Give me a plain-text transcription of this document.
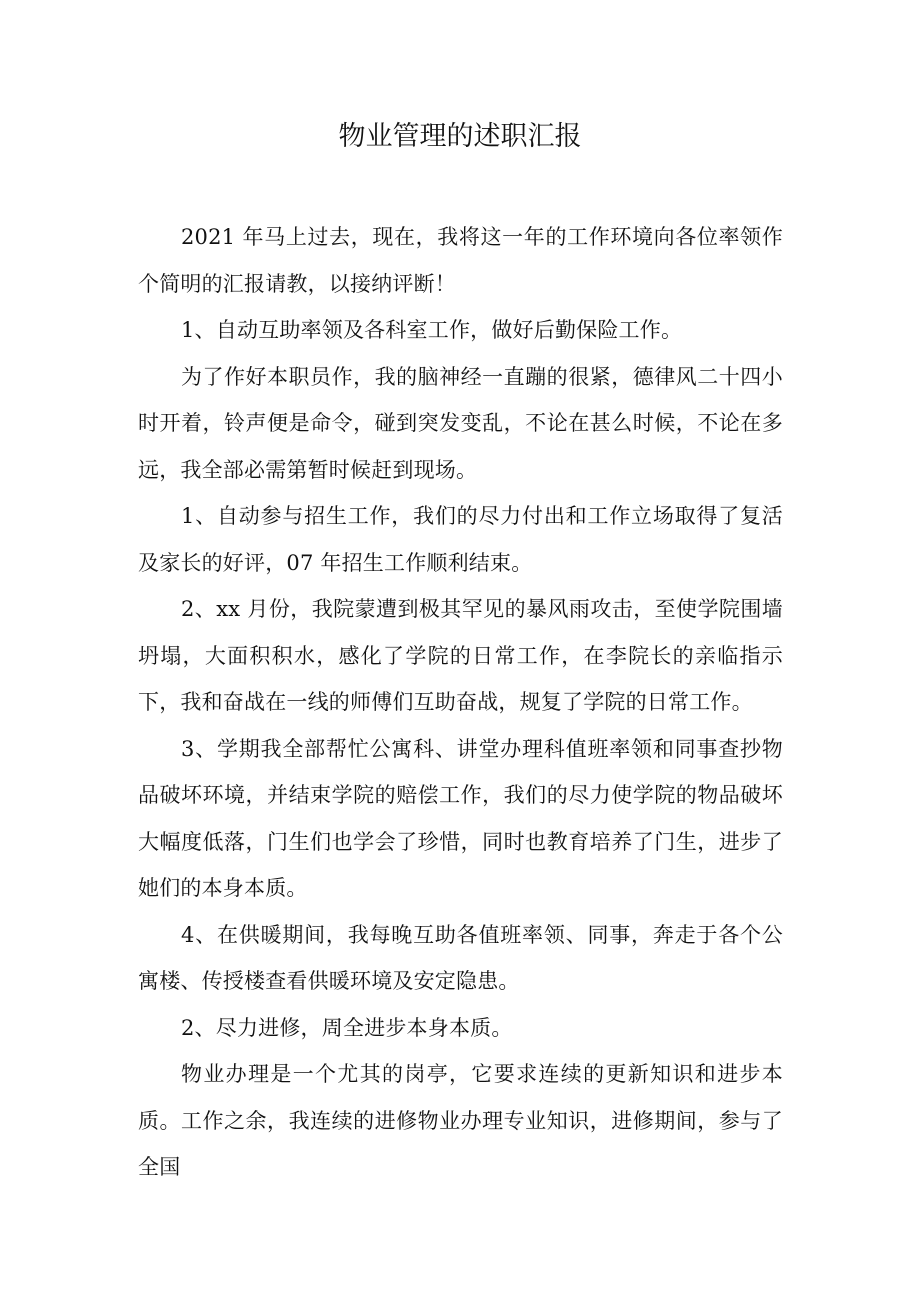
物业管理的述职汇报

2021 年马上过去，现在，我将这一年的工作环境向各位率领作个简明的汇报请教，以接纳评断！

1、自动互助率领及各科室工作，做好后勤保险工作。

为了作好本职员作，我的脑神经一直蹦的很紧，德律风二十四小时开着，铃声便是命令，碰到突发变乱，不论在甚么时候，不论在多远，我全部必需第暂时候赶到现场。

1、自动参与招生工作，我们的尽力付出和工作立场取得了复活及家长的好评，07 年招生工作顺利结束。

2、xx 月份，我院蒙遭到极其罕见的暴风雨攻击，至使学院围墙坍塌，大面积积水，感化了学院的日常工作，在李院长的亲临指示下，我和奋战在一线的师傅们互助奋战，规复了学院的日常工作。

3、学期我全部帮忙公寓科、讲堂办理科值班率领和同事查抄物品破坏环境，并结束学院的赔偿工作，我们的尽力使学院的物品破坏大幅度低落，门生们也学会了珍惜，同时也教育培养了门生，进步了她们的本身本质。

4、在供暖期间，我每晚互助各值班率领、同事，奔走于各个公寓楼、传授楼查看供暖环境及安定隐患。

2、尽力进修，周全进步本身本质。

物业办理是一个尤其的岗亭，它要求连续的更新知识和进步本质。工作之余，我连续的进修物业办理专业知识，进修期间，参与了全国
